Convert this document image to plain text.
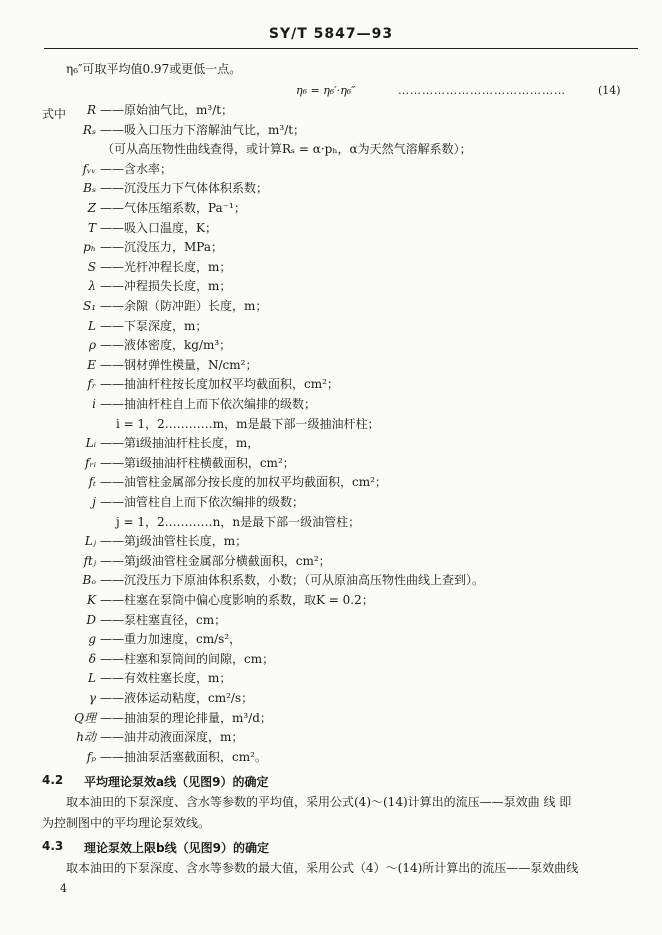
SY/T 5847—93
η₆″可取平均值0.97或更低一点。
η₆ = η₆′·η₆″	……………………………………	(14)
式中 R ——原始油气比，m³/t；
Rₛ ——吸入口压力下溶解油气比，m³/t；
（可从高压物性曲线查得，或计算Rₛ = α·pₕ，α为天然气溶解系数）；
fᵥᵥ ——含水率；
Bₛ ——沉没压力下气体体积系数；
Z ——气体压缩系数，Pa⁻¹；
T ——吸入口温度，K；
pₕ ——沉没压力，MPa；
S ——光杆冲程长度，m；
λ ——冲程损失长度，m；
S₁ ——余隙（防冲距）长度，m；
L ——下泵深度，m；
ρ ——液体密度，kg/m³；
E ——钢材弹性模量，N/cm²；
fᵣ ——抽油杆柱按长度加权平均截面积，cm²；
i ——抽油杆柱自上而下依次编排的级数；
i = 1，2…………m，m是最下部一级抽油杆柱；
Lᵢ ——第i级抽油杆柱长度，m，
fᵣᵢ ——第i级抽油杆柱横截面积，cm²；
fₜ ——油管柱金属部分按长度的加权平均截面积，cm²；
j ——油管柱自上而下依次编排的级数；
j = 1，2…………n，n是最下部一级油管柱；
Lⱼ ——第j级油管柱长度，m；
ftⱼ ——第j级油管柱金属部分横截面积，cm²；
Bₒ ——沉没压力下原油体积系数，小数；（可从原油高压物性曲线上查到）。
K ——柱塞在泵筒中偏心度影响的系数，取K = 0.2；
D ——泵柱塞直径，cm；
g ——重力加速度，cm/s²，
δ ——柱塞和泵筒间的间隙，cm；
L ——有效柱塞长度，m；
γ ——液体运动粘度，cm²/s；
Q理 ——抽油泵的理论排量，m³/d；
h动 ——油井动液面深度，m；
fₚ ——抽油泵活塞截面积，cm²。
4.2 平均理论泵效a线（见图9）的确定
取本油田的下泵深度、含水等参数的平均值，采用公式(4)～(14)计算出的流压——泵效曲 线 即
为控制图中的平均理论泵效线。
4.3 理论泵效上限b线（见图9）的确定
取本油田的下泵深度、含水等参数的最大值，采用公式（4）～(14)所计算出的流压——泵效曲线
4
